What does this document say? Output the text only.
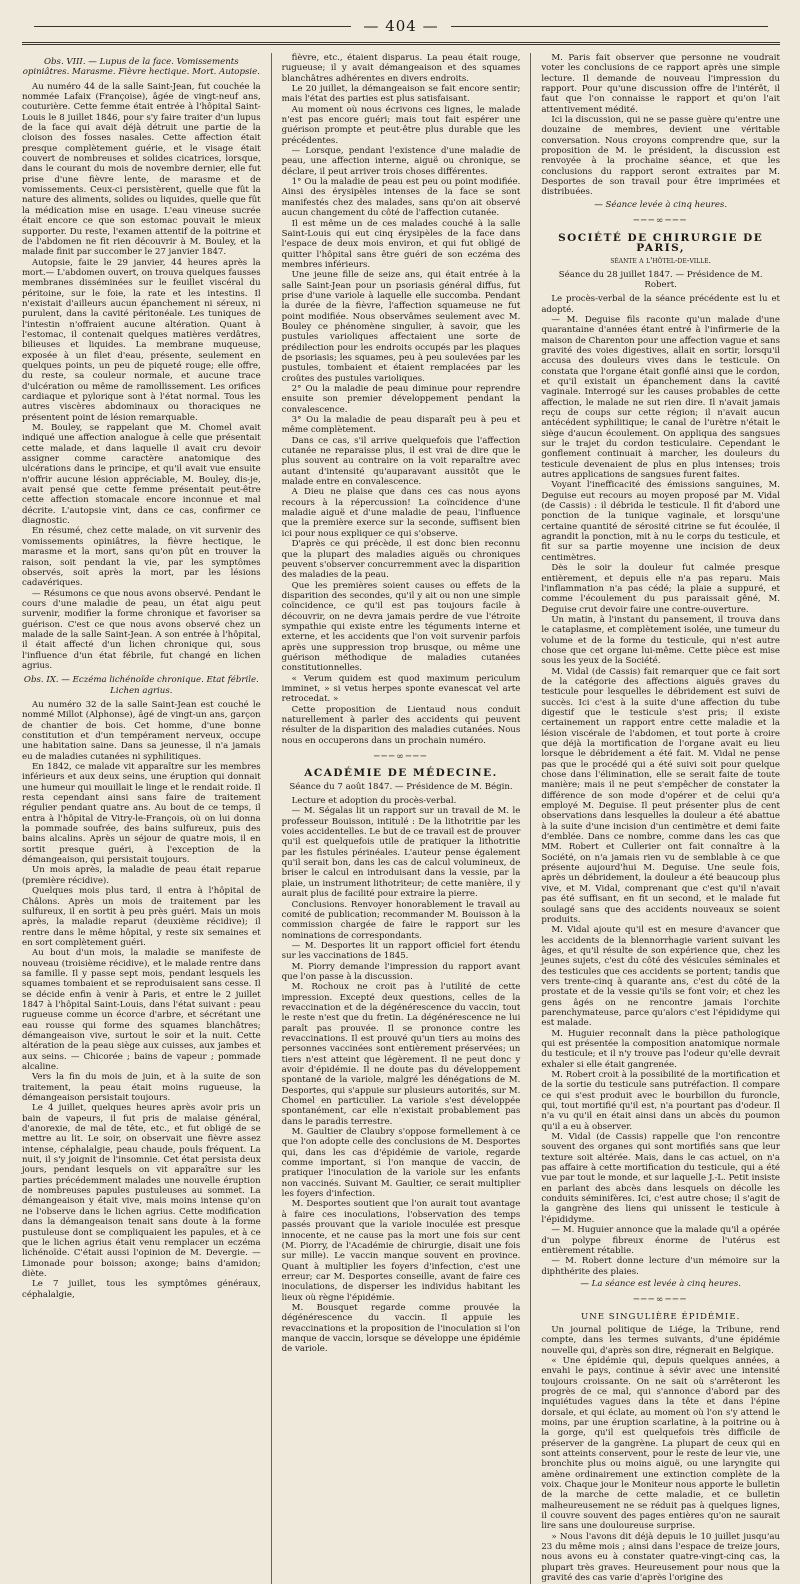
— 404 —

Obs. VIII. — Lupus de la face. Vomissements opiniâtres. Marasme. Fièvre hectique. Mort. Autopsie.

Au numéro 44 de la salle Saint-Jean, fut couchée la nommée Lafaix (Françoise), âgée de vingt-neuf ans, couturière. Cette femme était entrée à l'hôpital Saint-Louis le 8 juillet 1846, pour s'y faire traiter d'un lupus de la face qui avait déjà détruit une partie de la cloison des fosses nasales. Cette affection était presque complètement guérie, et le visage était couvert de nombreuses et solides cicatrices, lorsque, dans le courant du mois de novembre dernier, elle fut prise d'une fièvre lente, de marasme et de vomissements. Ceux-ci persistèrent, quelle que fût la nature des aliments, solides ou liquides, quelle que fût la médication mise en usage. L'eau vineuse sucrée était encore ce que son estomac pouvait le mieux supporter. Du reste, l'examen attentif de la poitrine et de l'abdomen ne fit rien découvrir à M. Bouley, et la malade finit par succomber le 27 janvier 1847.

Autopsie, faite le 29 janvier, 44 heures après la mort.— L'abdomen ouvert, on trouva quelques fausses membranes disséminées sur le feuillet viscéral du péritoine, sur le foie, la rate et les intestins. Il n'existait d'ailleurs aucun épanchement ni séreux, ni purulent, dans la cavité péritonéale. Les tuniques de l'intestin n'offraient aucune altération. Quant à l'estomac, il contenait quelques matières verdâtres, bilieuses et liquides. La membrane muqueuse, exposée à un filet d'eau, présente, seulement en quelques points, un peu de piqueté rouge; elle offre, du reste, sa couleur normale, et aucune trace d'ulcération ou même de ramollissement. Les orifices cardiaque et pylorique sont à l'état normal. Tous les autres viscères abdominaux ou thoraciques ne présentent point de lésion remarquable.

M. Bouley, se rappelant que M. Chomel avait indiqué une affection analogue à celle que présentait cette malade, et dans laquelle il avait cru devoir assigner comme caractère anatomique des ulcérations dans le principe, et qu'il avait vue ensuite n'offrir aucune lésion appréciable, M. Bouley, dis-je, avait pensé que cette femme présentait peut-être cette affection stomacale encore inconnue et mal décrite. L'autopsie vint, dans ce cas, confirmer ce diagnostic.

En résumé, chez cette malade, on vit survenir des vomissements opiniâtres, la fièvre hectique, le marasme et la mort, sans qu'on pût en trouver la raison, soit pendant la vie, par les symptômes observés, soit après la mort, par les lésions cadavériques.

— Résumons ce que nous avons observé. Pendant le cours d'une maladie de peau, un état aigu peut survenir, modifier la forme chronique et favoriser sa guérison. C'est ce que nous avons observé chez un malade de la salle Saint-Jean. A son entrée à l'hôpital, il était affecté d'un lichen chronique qui, sous l'influence d'un état fébrile, fut changé en lichen agrius.

Obs. IX. — Eczéma lichénoïde chronique. Etat fébrile. Lichen agrius.

Au numéro 32 de la salle Saint-Jean est couché le nommé Millot (Alphonse), âgé de vingt-un ans, garçon de chantier de bois. Cet homme, d'une bonne constitution et d'un tempérament nerveux, occupe une habitation saine. Dans sa jeunesse, il n'a jamais eu de maladies cutanées ni syphilitiques.

En 1842, ce malade vit apparaître sur les membres inférieurs et aux deux seins, une éruption qui donnait une humeur qui mouillait le linge et le rendait roide. Il resta cependant ainsi sans faire de traitement régulier pendant quatre ans. Au bout de ce temps, il entra à l'hôpital de Vitry-le-François, où on lui donna la pommade soufrée, des bains sulfureux, puis des bains alcalins. Après un séjour de quatre mois, il en sortit presque guéri, à l'exception de la démangeaison, qui persistait toujours.

Un mois après, la maladie de peau était reparue (première récidive).

Quelques mois plus tard, il entra à l'hôpital de Châlons. Après un mois de traitement par les sulfureux, il en sortit à peu près guéri. Mais un mois après, la maladie reparut (deuxième récidive); il rentre dans le même hôpital, y reste six semaines et en sort complètement guéri.

Au bout d'un mois, la maladie se manifeste de nouveau (troisième récidive), et le malade rentre dans sa famille. Il y passe sept mois, pendant lesquels les squames tombaient et se reproduisaient sans cesse. Il se décide enfin à venir à Paris, et entre le 2 juillet 1847 à l'hôpital Saint-Louis, dans l'état suivant : peau rugueuse comme un écorce d'arbre, et sécrétant une eau rousse qui forme des squames blanchâtres; démangeaison vive, surtout le soir et la nuit. Cette altération de la peau siège aux cuisses, aux jambes et aux seins. — Chicorée ; bains de vapeur ; pommade alcaline.

Vers la fin du mois de juin, et à la suite de son traitement, la peau était moins rugueuse, la démangeaison persistait toujours.

Le 4 juillet, quelques heures après avoir pris un bain de vapeurs, il fut pris de malaise général, d'anorexie, de mal de tête, etc., et fut obligé de se mettre au lit. Le soir, on observait une fièvre assez intense, céphalalgie, peau chaude, pouls fréquent. La nuit, il s'y joignit de l'insomnie. Cet état persista deux jours, pendant lesquels on vit apparaître sur les parties précédemment malades une nouvelle éruption de nombreuses papules pustuleuses au sommet. La démangeaison y était vive, mais moins intense qu'on ne l'observe dans le lichen agrius. Cette modification dans la démangeaison tenait sans doute à la forme pustuleuse dont se compliquaient les papules, et à ce que le lichen agrius était venu remplacer un eczéma lichénoïde. C'était aussi l'opinion de M. Devergie. — Limonade pour boisson; axonge; bains d'amidon; diète.

Le 7 juillet, tous les symptômes généraux, céphalalgie,

fièvre, etc., étaient disparus. La peau était rouge, rugueuse; il y avait démangeaison et des squames blanchâtres adhérentes en divers endroits.

Le 20 juillet, la démangeaison se fait encore sentir; mais l'état des parties est plus satisfaisant.

Au moment où nous écrivons ces lignes, le malade n'est pas encore guéri; mais tout fait espérer une guérison prompte et peut-être plus durable que les précédentes.

— Lorsque, pendant l'existence d'une maladie de peau, une affection interne, aiguë ou chronique, se déclare, il peut arriver trois choses différentes.

1° Ou la maladie de peau est peu ou point modifiée. Ainsi des érysipèles intenses de la face se sont manifestés chez des malades, sans qu'on ait observé aucun changement du côté de l'affection cutanée.

Il est même un de ces malades couché à la salle Saint-Louis qui eut cinq érysipèles de la face dans l'espace de deux mois environ, et qui fut obligé de quitter l'hôpital sans être guéri de son eczéma des membres inférieurs.

Une jeune fille de seize ans, qui était entrée à la salle Saint-Jean pour un psoriasis général diffus, fut prise d'une variole à laquelle elle succomba. Pendant la durée de la fièvre, l'affection squameuse ne fut point modifiée. Nous observâmes seulement avec M. Bouley ce phénomène singulier, à savoir, que les pustules varioliques affectaient une sorte de prédilection pour les endroits occupés par les plaques de psoriasis; les squames, peu à peu soulevées par les pustules, tombaient et étaient remplacées par les croûtes des pustules varioliques.

2° Ou la maladie de peau diminue pour reprendre ensuite son premier développement pendant la convalescence.

3° Ou la maladie de peau disparaît peu à peu et même complètement.

Dans ce cas, s'il arrive quelquefois que l'affection cutanée ne reparaisse plus, il est vrai de dire que le plus souvent au contraire on la voit reparaître avec autant d'intensité qu'auparavant aussitôt que le malade entre en convalescence.

A Dieu ne plaise que dans ces cas nous ayons recours à la répercussion! La coïncidence d'une maladie aiguë et d'une maladie de peau, l'influence que la première exerce sur la seconde, suffisent bien ici pour nous expliquer ce qui s'observe.

D'après ce qui précède, il est donc bien reconnu que la plupart des maladies aiguës ou chroniques peuvent s'observer concurremment avec la disparition des maladies de la peau.

Que les premières soient causes ou effets de la disparition des secondes, qu'il y ait ou non une simple coïncidence, ce qu'il est pas toujours facile à découvrir, on ne devra jamais perdre de vue l'étroite sympathie qui existe entre les téguments interne et externe, et les accidents que l'on voit survenir parfois après une suppression trop brusque, ou même une guérison méthodique de maladies cutanées constitutionnelles.

« Verum quidem est quod maximum periculum imminet, » si vetus herpes sponte evanescat vel arte retrocedat. »

Cette proposition de Lientaud nous conduit naturellement à parler des accidents qui peuvent résulter de la disparition des maladies cutanées. Nous nous en occuperons dans un prochain numéro.

───∞───
ACADÉMIE DE MÉDECINE.
Séance du 7 août 1847. — Présidence de M. Bégin.

Lecture et adoption du procès-verbal.

— M. Ségalas lit un rapport sur un travail de M. le professeur Bouisson, intitulé : De la lithotritie par les voies accidentelles. Le but de ce travail est de prouver qu'il est quelquefois utile de pratiquer la lithotritie par les fistules périnéales. L'auteur pense également qu'il serait bon, dans les cas de calcul volumineux, de briser le calcul en introduisant dans la vessie, par la plaie, un instrument lithotriteur; de cette manière, il y aurait plus de facilité pour extraire la pierre.

Conclusions. Renvoyer honorablement le travail au comité de publication; recommander M. Bouisson à la commission chargée de faire le rapport sur les nominations de correspondants.

— M. Desportes lit un rapport officiel fort étendu sur les vaccinations de 1845.

M. Piorry demande l'impression du rapport avant que l'on passe à la discussion.

M. Rochoux ne croit pas à l'utilité de cette impression. Excepté deux questions, celles de la revaccination et de la dégénérescence du vaccin, tout le reste n'est que du fretin. La dégénérescence ne lui paraît pas prouvée. Il se prononce contre les revaccinations. Il est prouvé qu'un tiers au moins des personnes vaccinées sont entièrement préservées; un tiers n'est atteint que légèrement. Il ne peut donc y avoir d'épidémie. Il ne doute pas du développement spontané de la variole, malgré les dénégations de M. Desportes, qui s'appuie sur plusieurs autorités, sur M. Chomel en particulier. La variole s'est développée spontanément, car elle n'existait probablement pas dans le paradis terrestre.

M. Gaultier de Claubry s'oppose formellement à ce que l'on adopte celle des conclusions de M. Desportes qui, dans les cas d'épidémie de variole, regarde comme important, si l'on manque de vaccin, de pratiquer l'inoculation de la variole sur les enfants non vaccinés. Suivant M. Gaultier, ce serait multiplier les foyers d'infection.

M. Desportes soutient que l'on aurait tout avantage à faire ces inoculations, l'observation des temps passés prouvant que la variole inoculée est presque innocente, et ne cause pas la mort une fois sur cent (M. Piorry, de l'Académie de chirurgie, disait une fois sur mille). Le vaccin manque souvent en province. Quant à multiplier les foyers d'infection, c'est une erreur; car M. Desportes conseille, avant de faire ces inoculations, de disperser les individus habitant les lieux où règne l'épidémie.

M. Bousquet regarde comme prouvée la dégénérescence du vaccin. Il appuie les revaccinations et la proposition de l'inoculation si l'on manque de vaccin, lorsque se développe une épidémie de variole.

M. Paris fait observer que personne ne voudrait voter les conclusions de ce rapport après une simple lecture. Il demande de nouveau l'impression du rapport. Pour qu'une discussion offre de l'intérêt, il faut que l'on connaisse le rapport et qu'on l'ait attentivement médité.

Ici la discussion, qui ne se passe guère qu'entre une douzaine de membres, devient une véritable conversation. Nous croyons comprendre que, sur la proposition de M. le président, la discussion est renvoyée à la prochaine séance, et que les conclusions du rapport seront extraites par M. Desportes de son travail pour être imprimées et distribuées.

— Séance levée à cinq heures.
───∞───
SOCIÉTÉ DE CHIRURGIE DE PARIS,
séante a l'hôtel-de-ville.
Séance du 28 juillet 1847. — Présidence de M. Robert.

Le procès-verbal de la séance précédente est lu et adopté.

— M. Deguise fils raconte qu'un malade d'une quarantaine d'années étant entré à l'infirmerie de la maison de Charenton pour une affection vague et sans gravité des voies digestives, allait en sortir, lorsqu'il accusa des douleurs vives dans le testicule. On constata que l'organe était gonflé ainsi que le cordon, et qu'il existait un épanchement dans la cavité vaginale. Interrogé sur les causes probables de cette affection, le malade ne sut rien dire. Il n'avait jamais reçu de coups sur cette région; il n'avait aucun antécédent syphilitique; le canal de l'urètre n'était le siège d'aucun écoulement. On appliqua des sangsues sur le trajet du cordon testiculaire. Cependant le gonflement continuait à marcher, les douleurs du testicule devenaient de plus en plus intenses; trois autres applications de sangsues furent faites.

Voyant l'inefficacité des émissions sanguines, M. Deguise eut recours au moyen proposé par M. Vidal (de Cassis) : il débrida le testicule. Il fit d'abord une ponction de la tunique vaginale, et lorsqu'une certaine quantité de sérosité citrine se fut écoulée, il agrandit la ponction, mit à nu le corps du testicule, et fit sur sa partie moyenne une incision de deux centimètres.

Dès le soir la douleur fut calmée presque entièrement, et depuis elle n'a pas reparu. Mais l'inflammation n'a pas cédé; la plaie a suppuré, et comme l'écoulement du pus paraissait gêné, M. Deguise crut devoir faire une contre-ouverture.

Un matin, à l'instant du pansement, il trouva dans le cataplasme, et complètement isolée, une tumeur du volume et de la forme du testicule, qui n'est autre chose que cet organe lui-même. Cette pièce est mise sous les yeux de la Société.

M. Vidal (de Cassis) fait remarquer que ce fait sort de la catégorie des affections aiguës graves du testicule pour lesquelles le débridement est suivi de succès. Ici c'est à la suite d'une affection du tube digestif que le testicule s'est pris; il existe certainement un rapport entre cette maladie et la lésion viscérale de l'abdomen, et tout porte à croire que déjà la mortification de l'organe avait eu lieu lorsque le débridement a été fait. M. Vidal ne pense pas que le procédé qui a été suivi soit pour quelque chose dans l'élimination, elle se serait faite de toute manière; mais il ne peut s'empêcher de constater la différence de son mode d'opérer et de celui qu'a employé M. Deguise. Il peut présenter plus de cent observations dans lesquelles la douleur a été abattue à la suite d'une incision d'un centimètre et demi faite d'emblée. Dans ce nombre, comme dans les cas que MM. Robert et Cullerier ont fait connaître à la Société, on n'a jamais rien vu de semblable à ce que présente aujourd'hui M. Deguise. Une seule fois, après un débridement, la douleur a été beaucoup plus vive, et M. Vidal, comprenant que c'est qu'il n'avait pas été suffisant, en fit un second, et le malade fut soulagé sans que des accidents nouveaux se soient produits.

M. Vidal ajoute qu'il est en mesure d'avancer que les accidents de la blennorrhagie varient suivant les âges, et qu'il résulte de son expérience que, chez les jeunes sujets, c'est du côté des vésicules séminales et des testicules que ces accidents se portent; tandis que vers trente-cinq à quarante ans, c'est du côté de la prostate et de la vessie qu'ils se font voir; et chez les gens âgés on ne rencontre jamais l'orchite parenchymateuse, parce qu'alors c'est l'épididyme qui est malade.

M. Huguier reconnaît dans la pièce pathologique qui est présentée la composition anatomique normale du testicule; et il n'y trouve pas l'odeur qu'elle devrait exhaler si elle était gangrenée.

M. Robert croit à la possibilité de la mortification et de la sortie du testicule sans putréfaction. Il compare ce qui s'est produit avec le bourbillon du furoncle, qui, tout mortifié qu'il est, n'a pourtant pas d'odeur. Il n'a vu qu'il en était ainsi dans un abcès du poumon qu'il a eu à observer.

M. Vidal (de Cassis) rappelle que l'on rencontre souvent des organes qui sont mortifiés sans que leur texture soit altérée. Mais, dans le cas actuel, on n'a pas affaire à cette mortification du testicule, qui a été vue par tout le monde, et sur laquelle J.-L. Petit insiste en parlant des abcès dans lesquels on décolle les conduits séminifères. Ici, c'est autre chose; il s'agit de la gangrène des liens qui unissent le testicule à l'épididyme.

— M. Huguier annonce que la malade qu'il a opérée d'un polype fibreux énorme de l'utérus est entièrement rétablie.

— M. Robert donne lecture d'un mémoire sur la diphthérite des plaies.

— La séance est levée à cinq heures.
───∞───
UNE SINGULIÈRE ÉPIDÉMIE.

Un journal politique de Liége, la Tribune, rend compte, dans les termes suivants, d'une épidémie nouvelle qui, d'après son dire, régnerait en Belgique.

« Une épidémie qui, depuis quelques années, a envahi le pays, continue à sévir avec une intensité toujours croissante. On ne sait où s'arrêteront les progrès de ce mal, qui s'annonce d'abord par des inquiétudes vagues dans la tête et dans l'épine dorsale, et qui éclate, au moment où l'on s'y attend le moins, par une éruption scarlatine, à la poitrine ou à la gorge, qu'il est quelquefois très difficile de préserver de la gangrène. La plupart de ceux qui en sont atteints conservent, pour le reste de leur vie, une bronchite plus ou moins aiguë, ou une laryngite qui amène ordinairement une extinction complète de la voix. Chaque jour le Moniteur nous apporte le bulletin de la marche de cette maladie, et ce bulletin malheureusement ne se réduit pas à quelques lignes, il couvre souvent des pages entières qu'on ne saurait lire sans une douloureuse surprise.

» Nous l'avons dit déjà depuis le 10 juillet jusqu'au 23 du même mois ; ainsi dans l'espace de treize jours, nous avons eu à constater quatre-vingt-cinq cas, la plupart très graves. Heureusement pour nous que la gravité des cas varie d'après l'origine des
